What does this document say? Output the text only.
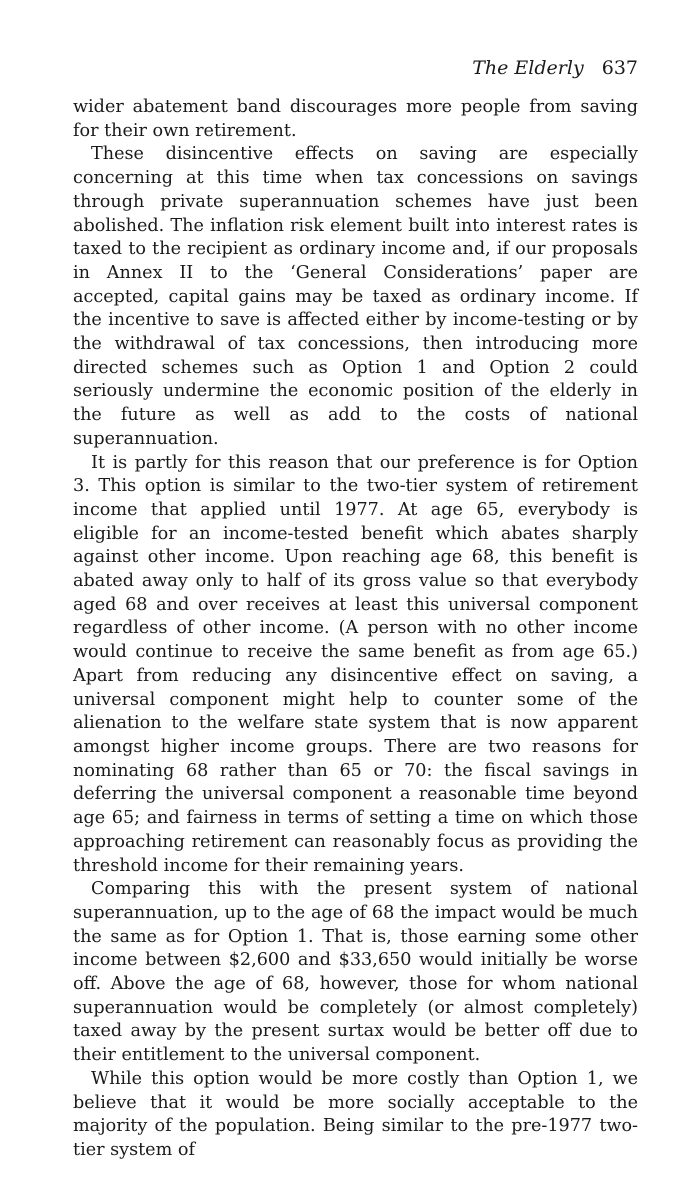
The Elderly 637

wider abatement band discourages more people from saving for their own retirement.

These disincentive effects on saving are especially concerning at this time when tax concessions on savings through private superannuation schemes have just been abolished. The inflation risk element built into interest rates is taxed to the recipient as ordinary income and, if our proposals in Annex II to the ‘General Considerations’ paper are accepted, capital gains may be taxed as ordinary income. If the incentive to save is affected either by income-testing or by the withdrawal of tax concessions, then introducing more directed schemes such as Option 1 and Option 2 could seriously undermine the economic position of the elderly in the future as well as add to the costs of national superannuation.

It is partly for this reason that our preference is for Option 3. This option is similar to the two-tier system of retirement income that applied until 1977. At age 65, everybody is eligible for an income-tested benefit which abates sharply against other income. Upon reaching age 68, this benefit is abated away only to half of its gross value so that everybody aged 68 and over receives at least this universal component regardless of other income. (A person with no other income would continue to receive the same benefit as from age 65.) Apart from reducing any disincentive effect on saving, a universal component might help to counter some of the alienation to the welfare state system that is now apparent amongst higher income groups. There are two reasons for nominating 68 rather than 65 or 70: the fiscal savings in deferring the universal component a reasonable time beyond age 65; and fairness in terms of setting a time on which those approaching retirement can reasonably focus as providing the threshold income for their remaining years.

Comparing this with the present system of national superannuation, up to the age of 68 the impact would be much the same as for Option 1. That is, those earning some other income between $2,600 and $33,650 would initially be worse off. Above the age of 68, however, those for whom national superannuation would be completely (or almost completely) taxed away by the present surtax would be better off due to their entitlement to the universal component.

While this option would be more costly than Option 1, we believe that it would be more socially acceptable to the majority of the population. Being similar to the pre-1977 two-tier system of
